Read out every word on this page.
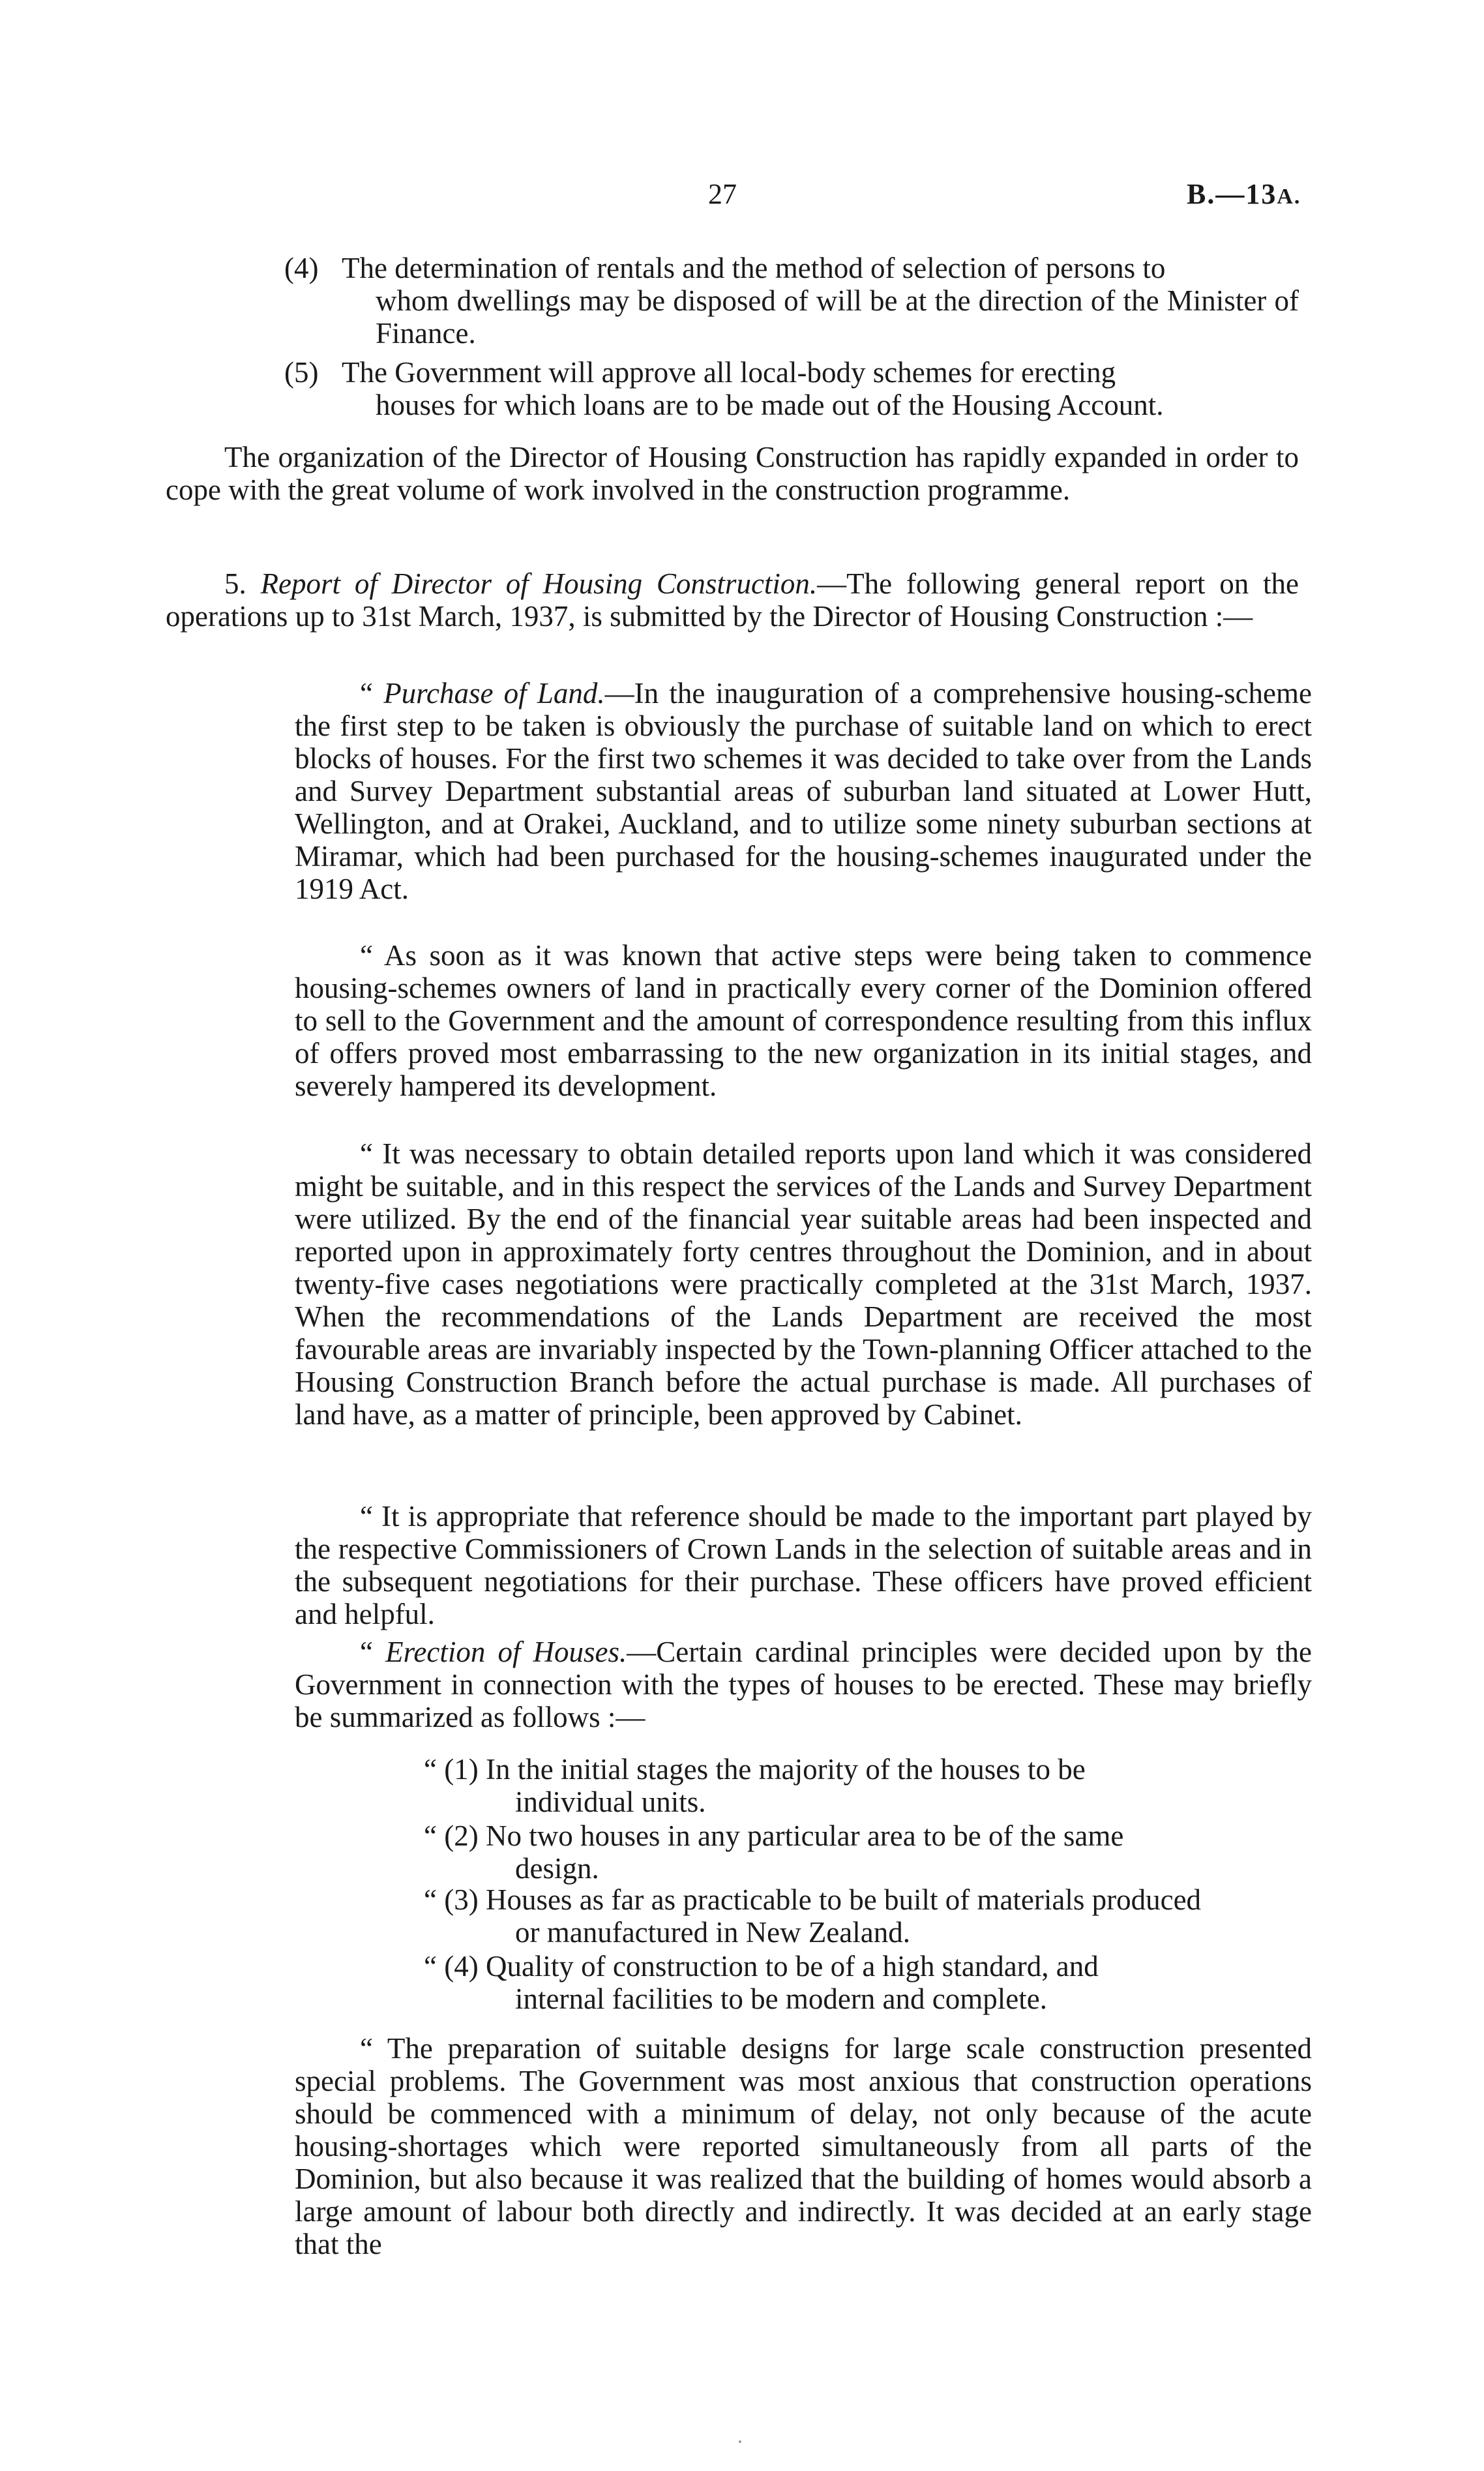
27	B.—13A.
(4) The determination of rentals and the method of selection of persons to
whom dwellings may be disposed of will be at the direction of the Minister of Finance.
(5) The Government will approve all local-body schemes for erecting
houses for which loans are to be made out of the Housing Account.

The organization of the Director of Housing Construction has rapidly expanded in order to cope with the great volume of work involved in the construction programme.

5. Report of Director of Housing Construction.—The following general report on the operations up to 31st March, 1937, is submitted by the Director of Housing Construction :—

“ Purchase of Land.—In the inauguration of a comprehensive housing-scheme the first step to be taken is obviously the purchase of suitable land on which to erect blocks of houses. For the first two schemes it was decided to take over from the Lands and Survey Department substantial areas of suburban land situated at Lower Hutt, Wellington, and at Orakei, Auckland, and to utilize some ninety suburban sections at Miramar, which had been purchased for the housing-schemes inaugurated under the 1919 Act.

“ As soon as it was known that active steps were being taken to commence housing-schemes owners of land in practically every corner of the Dominion offered to sell to the Government and the amount of correspondence resulting from this influx of offers proved most embarrassing to the new organization in its initial stages, and severely hampered its development.

“ It was necessary to obtain detailed reports upon land which it was considered might be suitable, and in this respect the services of the Lands and Survey Department were utilized. By the end of the financial year suitable areas had been inspected and reported upon in approximately forty centres throughout the Dominion, and in about twenty-five cases negotiations were practically completed at the 31st March, 1937. When the recommendations of the Lands Department are received the most favourable areas are invariably inspected by the Town-planning Officer attached to the Housing Construction Branch before the actual purchase is made. All purchases of land have, as a matter of principle, been approved by Cabinet.

“ It is appropriate that reference should be made to the important part played by the respective Commissioners of Crown Lands in the selection of suitable areas and in the subsequent negotiations for their purchase. These officers have proved efficient and helpful.

“ Erection of Houses.—Certain cardinal principles were decided upon by the Government in connection with the types of houses to be erected. These may briefly be summarized as follows :—

“ (1) In the initial stages the majority of the houses to be
individual units.
“ (2) No two houses in any particular area to be of the same
design.
“ (3) Houses as far as practicable to be built of materials produced
or manufactured in New Zealand.
“ (4) Quality of construction to be of a high standard, and
internal facilities to be modern and complete.

“ The preparation of suitable designs for large scale construction presented special problems. The Government was most anxious that construction operations should be commenced with a minimum of delay, not only because of the acute housing-shortages which were reported simultaneously from all parts of the Dominion, but also because it was realized that the building of homes would absorb a large amount of labour both directly and indirectly. It was decided at an early stage that the
